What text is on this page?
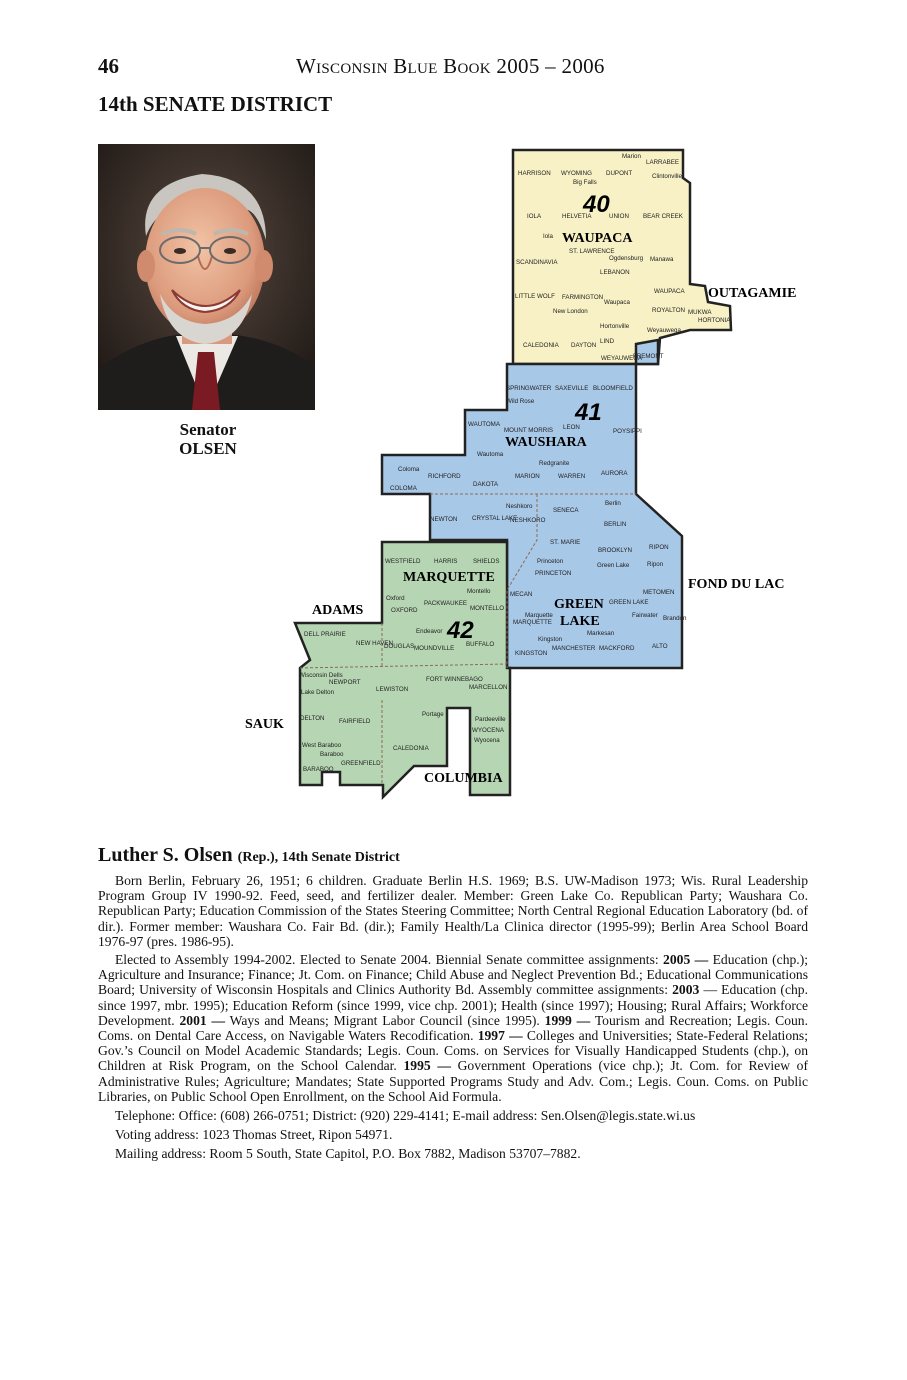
46	Wisconsin Blue Book 2005 – 2006
14th SENATE DISTRICT
Senator
OLSEN
40
41
42
WAUPACA
WAUSHARA
MARQUETTE
GREEN
LAKE
OUTAGAMIE
FOND DU LAC
ADAMS
SAUK
COLUMBIA
Marion
LARRABEE
HARRISON WYOMING DUPONT	Clintonville
Big Falls
IOLA	HELVETIA	UNION BEAR CREEK
Iola
ST. LAWRENCE
SCANDINAVIA
Ogdensburg Manawa
LEBANON
LITTLE WOLF FARMINGTON
WAUPACA
New London
Waupaca
ROYALTON MUKWA
HORTONIA
Hortonville
Weyauwega
CALEDONIA DAYTON
LIND
WEYAUWEGA
FREMONT
SPRINGWATER SAXEVILLE BLOOMFIELD
Wild Rose
WAUTOMA
MOUNT MORRIS LEON
POYSIPPI
Wautoma
Redgranite
Coloma
RICHFORD	MARION	WARREN	AURORA
COLOMA
DAKOTA
Neshkoro	Berlin
SENECA
BERLIN
ST. MARIE
RIPON
BROOKLYN
Ripon
Princeton
Green Lake
PRINCETON
METOMEN
GREEN LAKE
Fairwater Brandon
Markesan
Kingston
MANCHESTER MACKFORD	ALTO
KINGSTON
Marquette
MARQUETTE
NEWTON CRYSTAL LAKE
NESHKORO
WESTFIELD HARRIS	SHIELDS
Montello
Oxford
PACKWAUKEE
OXFORD	MONTELLO
MECAN
Endeavor
DOUGLAS MOUNDVILLE
BUFFALO
DELL PRAIRIE
NEW HAVEN
Wisconsin Dells
NEWPORT
Lake Delton	LEWISTON
FORT WINNEBAGO
MARCELLON
DELTON FAIRFIELD
Portage
Pardeeville
WYOCENA
Wyocena
West Baraboo
Baraboo
CALEDONIA
BARABOO
GREENFIELD
Luther S. Olsen (Rep.), 14th Senate District

Born Berlin, February 26, 1951; 6 children. Graduate Berlin H.S. 1969; B.S. UW-Madison 1973; Wis. Rural Leadership Program Group IV 1990-92. Feed, seed, and fertilizer dealer. Member: Green Lake Co. Republican Party; Waushara Co. Republican Party; Education Commission of the States Steering Committee; North Central Regional Education Laboratory (bd. of dir.). Former member: Waushara Co. Fair Bd. (dir.); Family Health/La Clinica director (1995-99); Berlin Area School Board 1976-97 (pres. 1986-95).

Elected to Assembly 1994-2002. Elected to Senate 2004. Biennial Senate committee assignments: 2005 — Education (chp.); Agriculture and Insurance; Finance; Jt. Com. on Finance; Child Abuse and Neglect Prevention Bd.; Educational Communications Board; University of Wisconsin Hospitals and Clinics Authority Bd. Assembly committee assignments: 2003 — Education (chp. since 1997, mbr. 1995); Education Reform (since 1999, vice chp. 2001); Health (since 1997); Housing; Rural Affairs; Workforce Development. 2001 — Ways and Means; Migrant Labor Council (since 1995). 1999 — Tourism and Recreation; Legis. Coun. Coms. on Dental Care Access, on Navigable Waters Recodification. 1997 — Colleges and Universities; State-Federal Relations; Gov.’s Council on Model Academic Standards; Legis. Coun. Coms. on Services for Visually Handicapped Students (chp.), on Children at Risk Program, on the School Calendar. 1995 — Government Operations (vice chp.); Jt. Com. for Review of Administrative Rules; Agriculture; Mandates; State Supported Programs Study and Adv. Com.; Legis. Coun. Coms. on Public Libraries, on Public School Open Enrollment, on the School Aid Formula.

Telephone: Office: (608) 266-0751; District: (920) 229-4141; E-mail address: Sen.Olsen@legis.state.wi.us

Voting address: 1023 Thomas Street, Ripon 54971.

Mailing address: Room 5 South, State Capitol, P.O. Box 7882, Madison 53707–7882.
